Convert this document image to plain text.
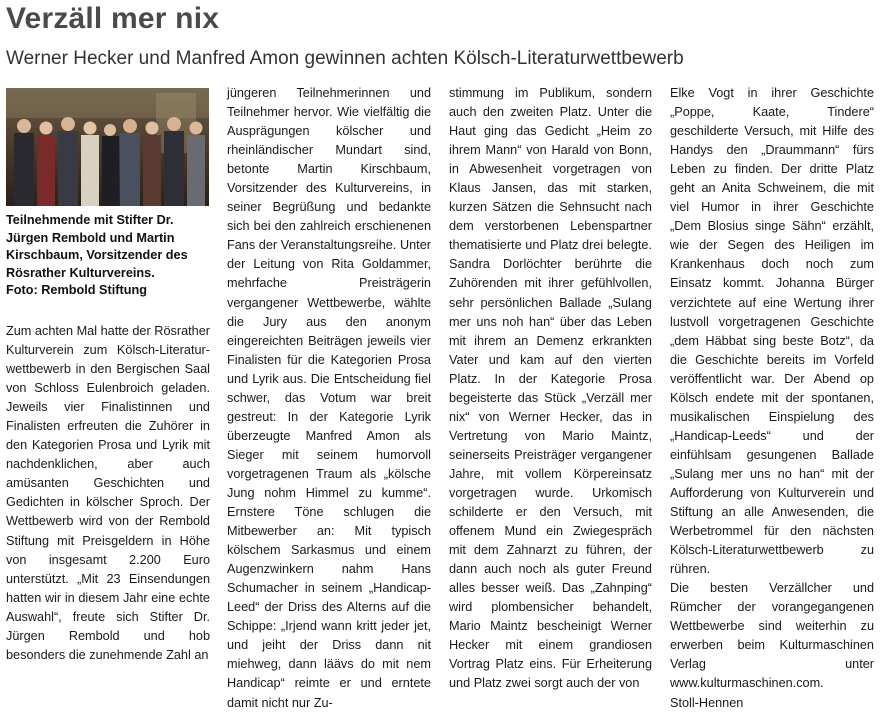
Verzäll mer nix
Werner Hecker und Manfred Amon gewinnen achten Kölsch-Literaturwettbewerb
Teilnehmende mit Stifter Dr. Jürgen Rembold und Martin Kirschbaum, Vorsitzender des Rösrather Kulturvereins.
Foto: Rembold Stiftung

Zum achten Mal hatte der Rösrather Kulturverein zum Kölsch-Literatur-wettbewerb in den Bergischen Saal von Schloss Eulenbroich geladen. Jeweils vier Finalistinnen und Finalisten erfreuten die Zuhörer in den Kategorien Prosa und Lyrik mit nachdenklichen, aber auch amüsanten Geschichten und Gedichten in kölscher Sproch. Der Wettbewerb wird von der Rembold Stiftung mit Preisgeldern in Höhe von insgesamt 2.200 Euro unterstützt. „Mit 23 Einsendungen hatten wir in diesem Jahr eine echte Auswahl“, freute sich Stifter Dr. Jürgen Rembold und hob besonders die zunehmende Zahl an

jüngeren Teilnehmerinnen und Teilnehmer hervor. Wie vielfältig die Ausprägungen kölscher und rheinländischer Mundart sind, betonte Martin Kirschbaum, Vorsitzender des Kulturvereins, in seiner Begrüßung und bedankte sich bei den zahlreich erschienenen Fans der Veranstaltungsreihe. Unter der Leitung von Rita Goldammer, mehrfache Preisträgerin vergangener Wettbewerbe, wählte die Jury aus den anonym eingereichten Beiträgen jeweils vier Finalisten für die Kategorien Prosa und Lyrik aus. Die Entscheidung fiel schwer, das Votum war breit gestreut: In der Kategorie Lyrik überzeugte Manfred Amon als Sieger mit seinem humorvoll vorgetragenen Traum als „kölsche Jung nohm Himmel zu kumme“. Ernstere Töne schlugen die Mitbewerber an: Mit typisch kölschem Sarkasmus und einem Augenzwinkern nahm Hans Schumacher in seinem „Handicap-Leed“ der Driss des Alterns auf die Schippe: „Irjend wann kritt jeder jet, und jeiht der Driss dann nit miehweg, dann läävs do mit nem Handicap“ reimte er und erntete damit nicht nur Zu-

stimmung im Publikum, sondern auch den zweiten Platz. Unter die Haut ging das Gedicht „Heim zo ihrem Mann“ von Harald von Bonn, in Abwesenheit vorgetragen von Klaus Jansen, das mit starken, kurzen Sätzen die Sehnsucht nach dem verstorbenen Lebenspartner thematisierte und Platz drei belegte. Sandra Dorlöchter berührte die Zuhörenden mit ihrer gefühlvollen, sehr persönlichen Ballade „Sulang mer uns noh han“ über das Leben mit ihrem an Demenz erkrankten Vater und kam auf den vierten Platz. In der Kategorie Prosa begeisterte das Stück „Verzäll mer nix“ von Werner Hecker, das in Vertretung von Mario Maintz, seinerseits Preisträger vergangener Jahre, mit vollem Körpereinsatz vorgetragen wurde. Urkomisch schilderte er den Versuch, mit offenem Mund ein Zwiegespräch mit dem Zahnarzt zu führen, der dann auch noch als guter Freund alles besser weiß. Das „Zahnping“ wird plombensicher behandelt, Mario Maintz bescheinigt Werner Hecker mit einem grandiosen Vortrag Platz eins. Für Erheiterung und Platz zwei sorgt auch der von

Elke Vogt in ihrer Geschichte „Poppe, Kaate, Tindere“ geschilderte Versuch, mit Hilfe des Handys den „Draummann“ fürs Leben zu finden. Der dritte Platz geht an Anita Schweinem, die mit viel Humor in ihrer Geschichte „Dem Blosius singe Sähn“ erzählt, wie der Segen des Heiligen im Krankenhaus doch noch zum Einsatz kommt. Johanna Bürger verzichtete auf eine Wertung ihrer lustvoll vorgetragenen Geschichte „dem Häbbat sing beste Botz“, da die Geschichte bereits im Vorfeld veröffentlicht war. Der Abend op Kölsch endete mit der spontanen, musikalischen Einspielung des „Handicap-Leeds“ und der einfühlsam gesungenen Ballade „Sulang mer uns no han“ mit der Aufforderung von Kulturverein und Stiftung an alle Anwesenden, die Werbetrommel für den nächsten Kölsch-Literaturwettbewerb zu rühren.

Die besten Verzällcher und Rümcher der vorangegangenen Wettbewerbe sind weiterhin zu erwerben beim Kulturmaschinen Verlag unter www.kulturmaschinen.com.

Stoll-Hennen
